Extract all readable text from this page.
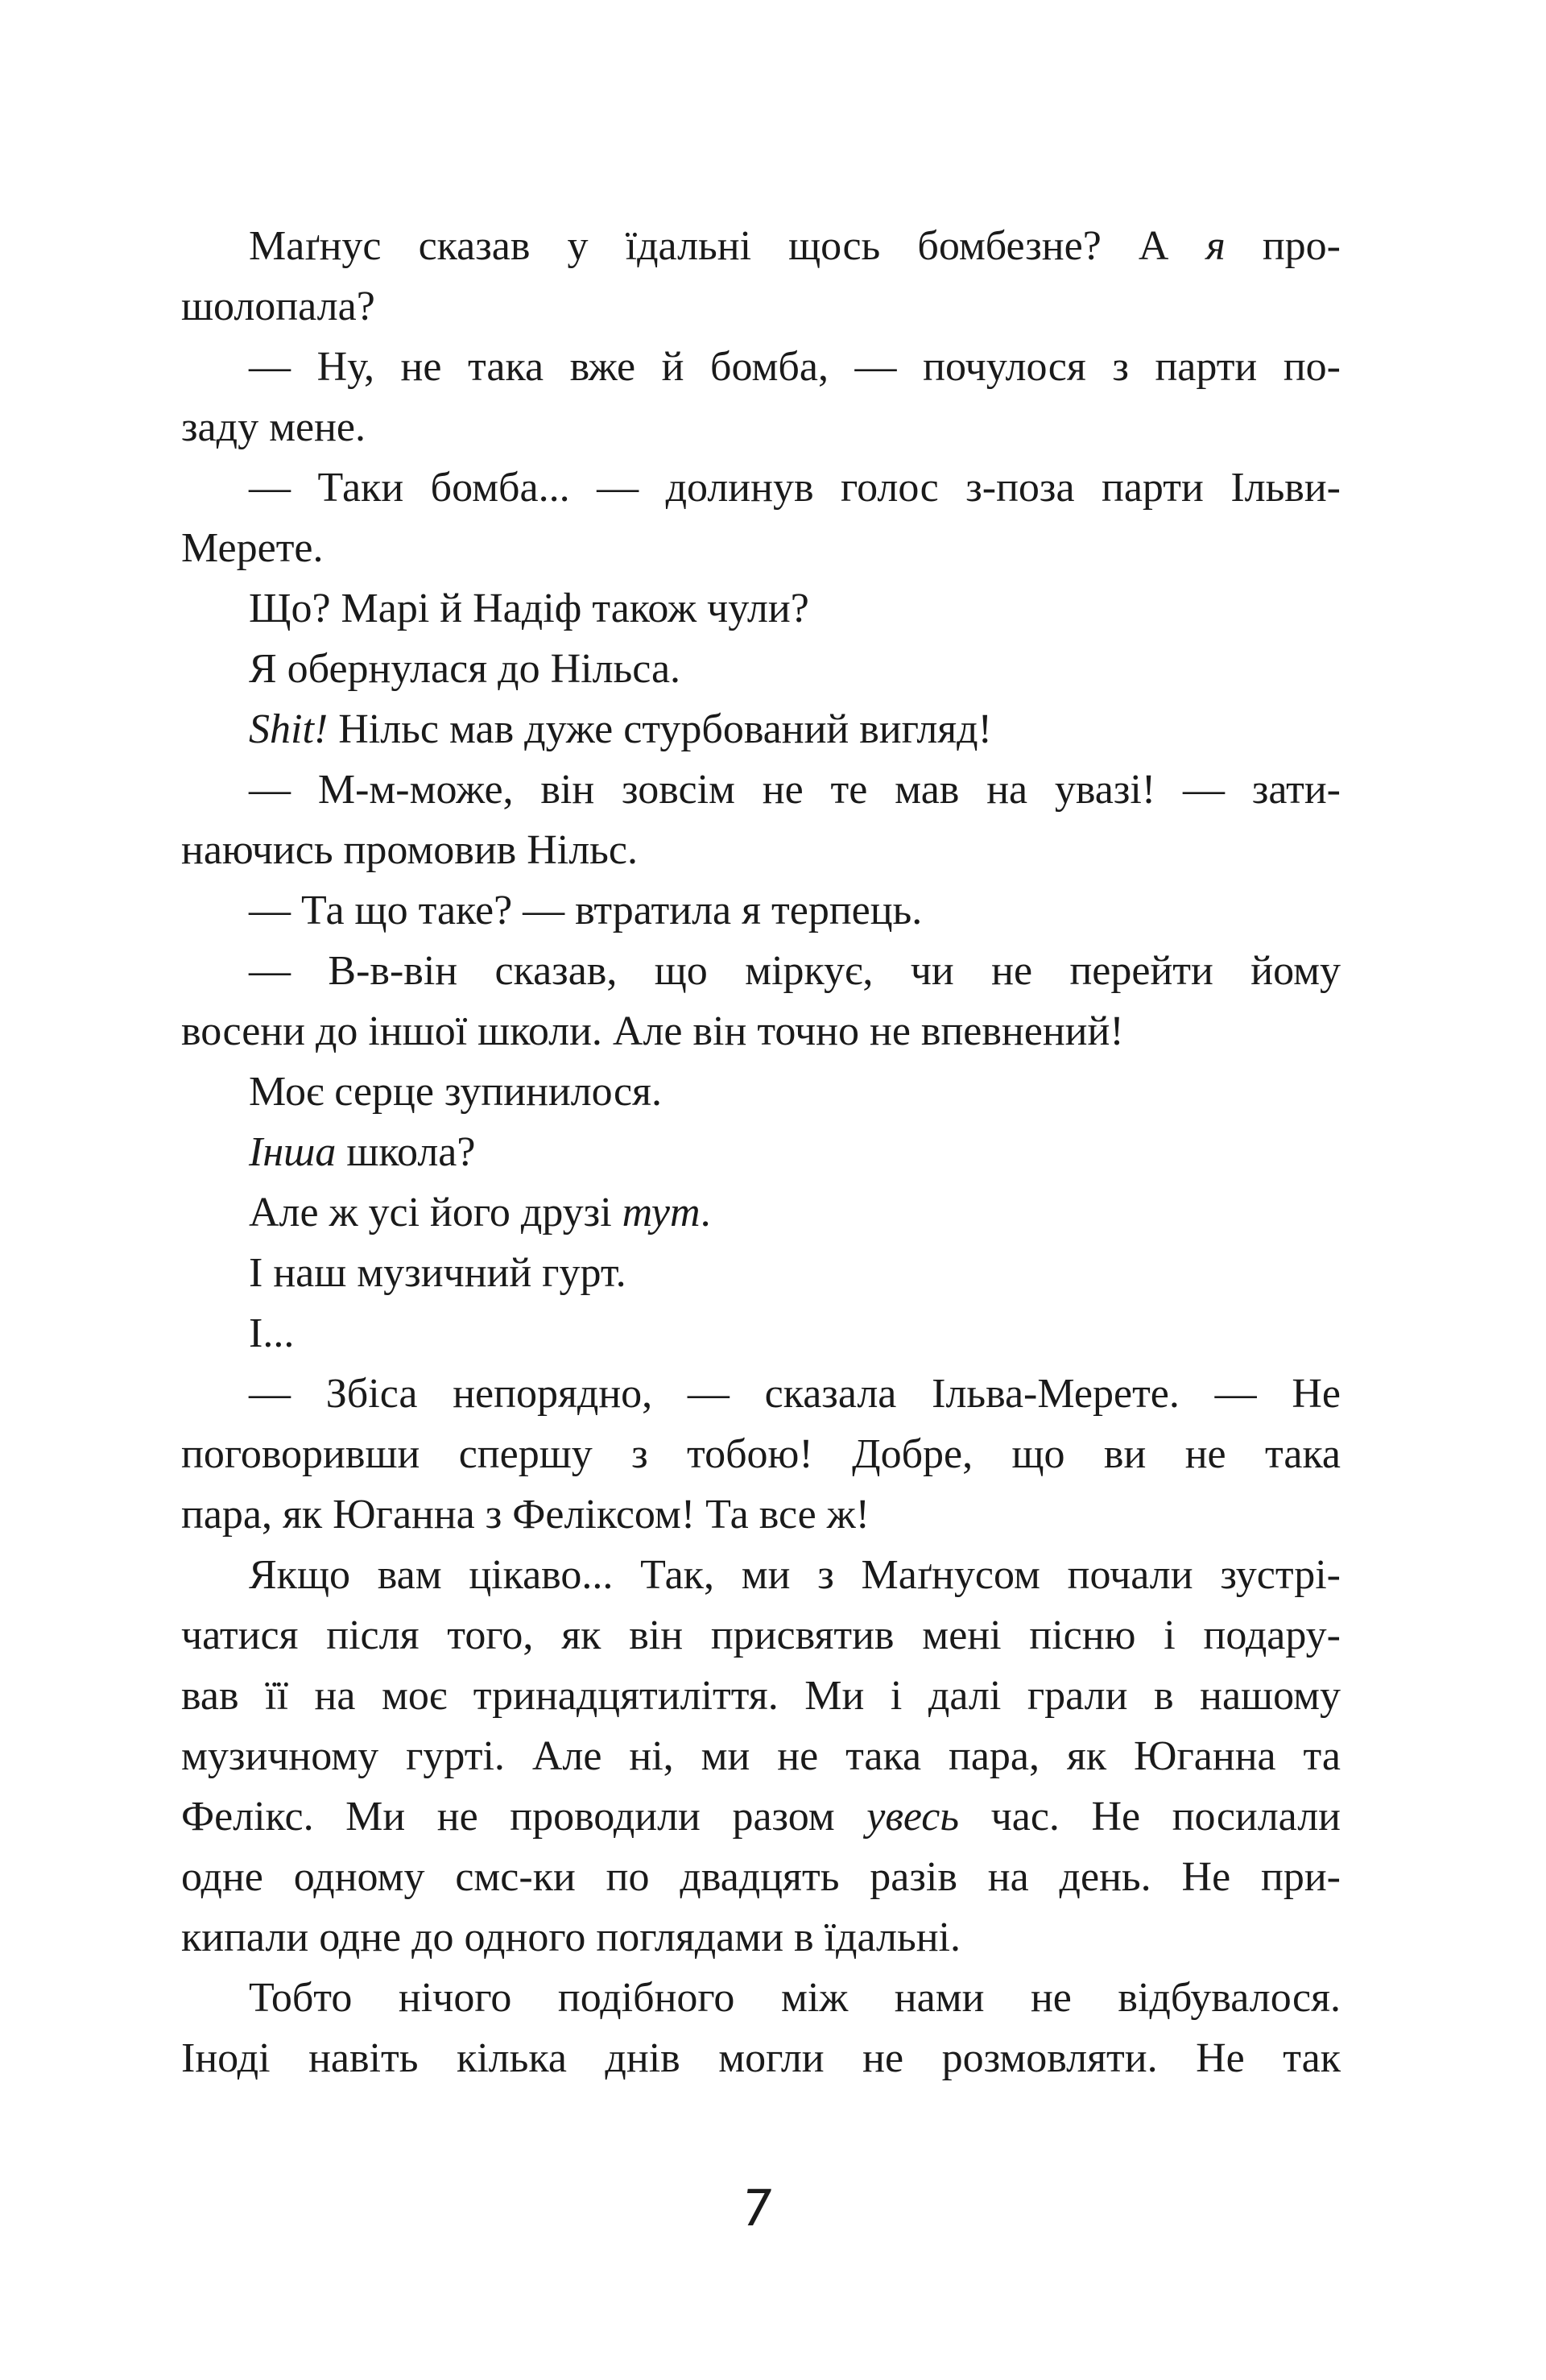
Маґнус сказав у їдальні щось бомбезне? А я про-
шолопала?
— Ну, не така вже й бомба, — почулося з парти по-
заду мене.
— Таки бомба... — долинув голос з-поза парти Ільви-
Мерете.
Що? Марі й Надіф також чули?
Я обернулася до Нільса.
Shit! Нільс мав дуже стурбований вигляд!
— М-м-може, він зовсім не те мав на увазі! — зати-
наючись промовив Нільс.
— Та що таке? — втратила я терпець.
— В-в-він сказав, що міркує, чи не перейти йому
восени до іншої школи. Але він точно не впевнений!
Моє серце зупинилося.
Інша школа?
Але ж усі його друзі тут.
І наш музичний гурт.
І...
— Збіса непорядно, — сказала Ільва-Мерете. — Не
поговоривши спершу з тобою! Добре, що ви не така
пара, як Юганна з Феліксом! Та все ж!
Якщо вам цікаво... Так, ми з Маґнусом почали зустрі-
чатися після того, як він присвятив мені пісню і подару-
вав її на моє тринадцятиліття. Ми і далі грали в нашому
музичному гурті. Але ні, ми не така пара, як Юганна та
Фелікс. Ми не проводили разом увесь час. Не посилали
одне одному смс-ки по двадцять разів на день. Не при-
кипали одне до одного поглядами в їдальні.
Тобто нічого подібного між нами не відбувалося.
Іноді навіть кілька днів могли не розмовляти. Не так
7
